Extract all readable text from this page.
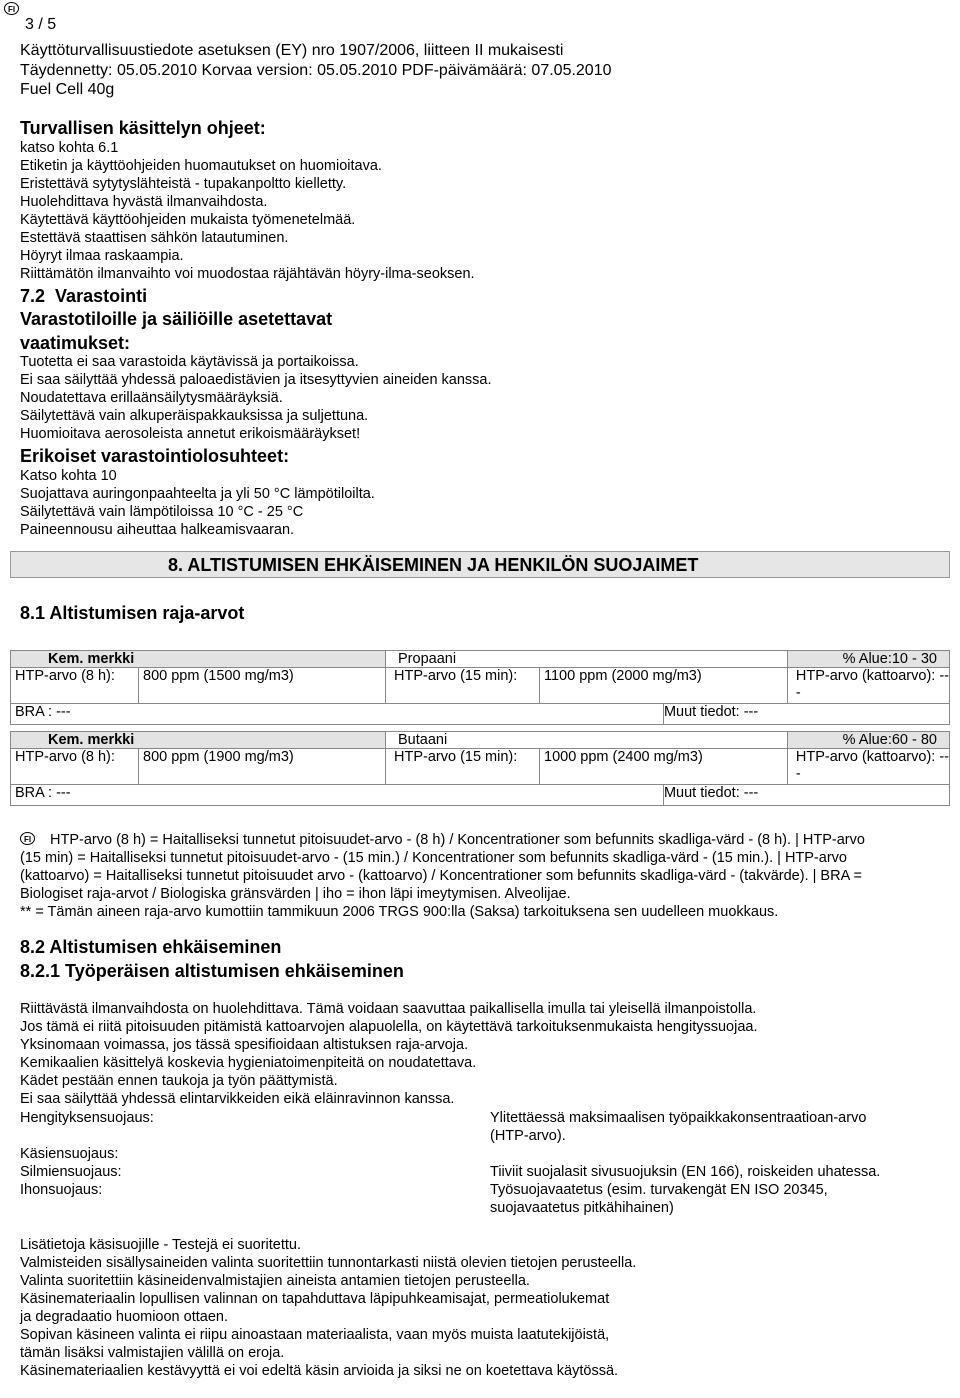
FI
3 / 5
Käyttöturvallisuustiedote asetuksen (EY) nro 1907/2006, liitteen II mukaisesti
Täydennetty: 05.05.2010 Korvaa version: 05.05.2010 PDF-päivämäärä: 07.05.2010
Fuel Cell 40g
Turvallisen käsittelyn ohjeet:
katso kohta 6.1
Etiketin ja käyttöohjeiden huomautukset on huomioitava.
Eristettävä sytytyslähteistä - tupakanpoltto kielletty.
Huolehdittava hyvästä ilmanvaihdosta.
Käytettävä käyttöohjeiden mukaista työmenetelmää.
Estettävä staattisen sähkön latautuminen.
Höyryt ilmaa raskaampia.
Riittämätön ilmanvaihto voi muodostaa räjähtävän höyry-ilma-seoksen.
7.2 Varastointi
Varastotiloille ja säiliöille asetettavat
vaatimukset:
Tuotetta ei saa varastoida käytävissä ja portaikoissa.
Ei saa säilyttää yhdessä paloaedistävien ja itsesyttyvien aineiden kanssa.
Noudatettava erillaänsäilytysmääräyksiä.
Säilytettävä vain alkuperäispakkauksissa ja suljettuna.
Huomioitava aerosoleista annetut erikoismääräykset!
Erikoiset varastointiolosuhteet:
Katso kohta 10
Suojattava auringonpaahteelta ja yli 50 °C lämpötiloilta.
Säilytettävä vain lämpötiloissa 10 °C - 25 °C
Paineennousu aiheuttaa halkeamisvaaran.
8. ALTISTUMISEN EHKÄISEMINEN JA HENKILÖN SUOJAIMET
8.1 Altistumisen raja-arvot
Kem. merkki		Propaani			% Alue:10 - 30
HTP-arvo (8 h):	800 ppm (1500 mg/m3)	HTP-arvo (15 min):	1100 ppm (2000 mg/m3)		HTP-arvo (kattoarvo): --
-

BRA : ---				Muut tiedot: ---	
Kem. merkki		Butaani			% Alue:60 - 80
HTP-arvo (8 h):	800 ppm (1900 mg/m3)	HTP-arvo (15 min):	1000 ppm (2400 mg/m3)		HTP-arvo (kattoarvo): --
-

BRA : ---				Muut tiedot: ---	
FI	HTP-arvo (8 h) = Haitalliseksi tunnetut pitoisuudet-arvo - (8 h) / Koncentrationer som befunnits skadliga-värd - (8 h). | HTP-arvo
(15 min) = Haitalliseksi tunnetut pitoisuudet-arvo - (15 min.) / Koncentrationer som befunnits skadliga-värd - (15 min.). | HTP-arvo
(kattoarvo) = Haitalliseksi tunnetut pitoisuudet arvo - (kattoarvo) / Koncentrationer som befunnits skadliga-värd - (takvärde). | BRA =
Biologiset raja-arvot / Biologiska gränsvärden | iho = ihon läpi imeytymisen. Alveolijae.
** = Tämän aineen raja-arvo kumottiin tammikuun 2006 TRGS 900:lla (Saksa) tarkoituksena sen uudelleen muokkaus.
8.2 Altistumisen ehkäiseminen
8.2.1 Työperäisen altistumisen ehkäiseminen
Riittävästä ilmanvaihdosta on huolehdittava. Tämä voidaan saavuttaa paikallisella imulla tai yleisellä ilmanpoistolla.
Jos tämä ei riitä pitoisuuden pitämistä kattoarvojen alapuolella, on käytettävä tarkoituksenmukaista hengityssuojaa.
Yksinomaan voimassa, jos tässä spesifioidaan altistuksen raja-arvoja.
Kemikaalien käsittelyä koskevia hygieniatoimenpiteitä on noudatettava.
Kädet pestään ennen taukoja ja työn päättymistä.
Ei saa säilyttää yhdessä elintarvikkeiden eikä eläinravinnon kanssa.
Hengityksensuojaus:	Ylitettäessä maksimaalisen työpaikkakonsentraatioan-arvo
(HTP-arvo).
Käsiensuojaus:
Silmiensuojaus:	Tiiviit suojalasit sivusuojuksin (EN 166), roiskeiden uhatessa.
Ihonsuojaus:	Työsuojavaatetus (esim. turvakengät EN ISO 20345,
suojavaatetus pitkähihainen)
Lisätietoja käsisuojille - Testejä ei suoritettu.
Valmisteiden sisällysaineiden valinta suoritettiin tunnontarkasti niistä olevien tietojen perusteella.
Valinta suoritettiin käsineidenvalmistajien aineista antamien tietojen perusteella.
Käsinemateriaalin lopullisen valinnan on tapahduttava läpipuhkeamisajat, permeatiolukemat
ja degradaatio huomioon ottaen.
Sopivan käsineen valinta ei riipu ainoastaan materiaalista, vaan myös muista laatutekijöistä,
tämän lisäksi valmistajien välillä on eroja.
Käsinemateriaalien kestävyyttä ei voi edeltä käsin arvioida ja siksi ne on koetettava käytössä.
